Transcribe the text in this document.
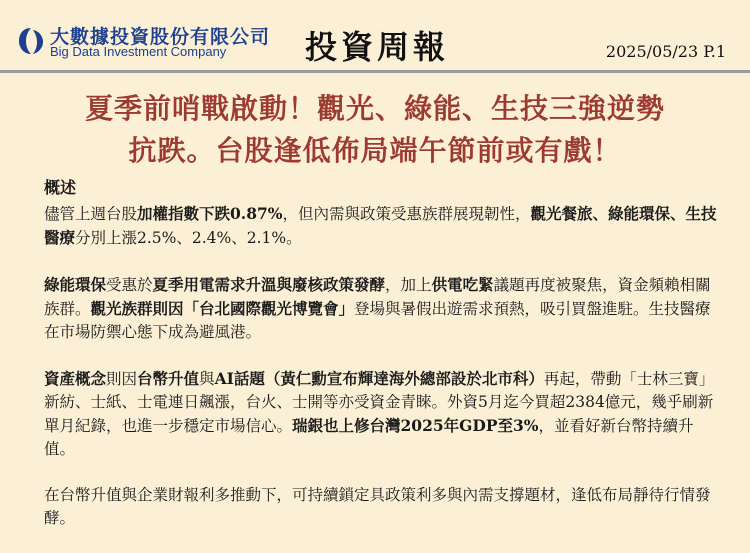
大數據投資股份有限公司
Big Data Investment Company 投資周報	2025/05/23 P.1
夏季前哨戰啟動！觀光、綠能、生技三強逆勢
抗跌。台股逢低佈局端午節前或有戲！
概述

儘管上週台股加權指數下跌0.87%，但內需與政策受惠族群展現韌性，觀光餐旅、綠能環保、生技醫療分別上漲2.5%、2.4%、2.1%。

綠能環保受惠於夏季用電需求升溫與廢核政策發酵，加上供電吃緊議題再度被聚焦，資金頻賴相關族群。觀光族群則因「台北國際觀光博覽會」登場與暑假出遊需求預熱，吸引買盤進駐。生技醫療在市場防禦心態下成為避風港。

資產概念則因台幣升值與AI話題（黃仁勳宣布輝達海外總部設於北市科）再起，帶動「士林三寶」新紡、士紙、士電連日飆漲，台火、士開等亦受資金青睞。外資5月迄今買超2384億元，幾乎刷新單月紀錄，也進一步穩定市場信心。瑞銀也上修台灣2025年GDP至3%，並看好新台幣持續升值。

在台幣升值與企業財報利多推動下，可持續鎖定具政策利多與內需支撐題材，逢低布局靜待行情發酵。
